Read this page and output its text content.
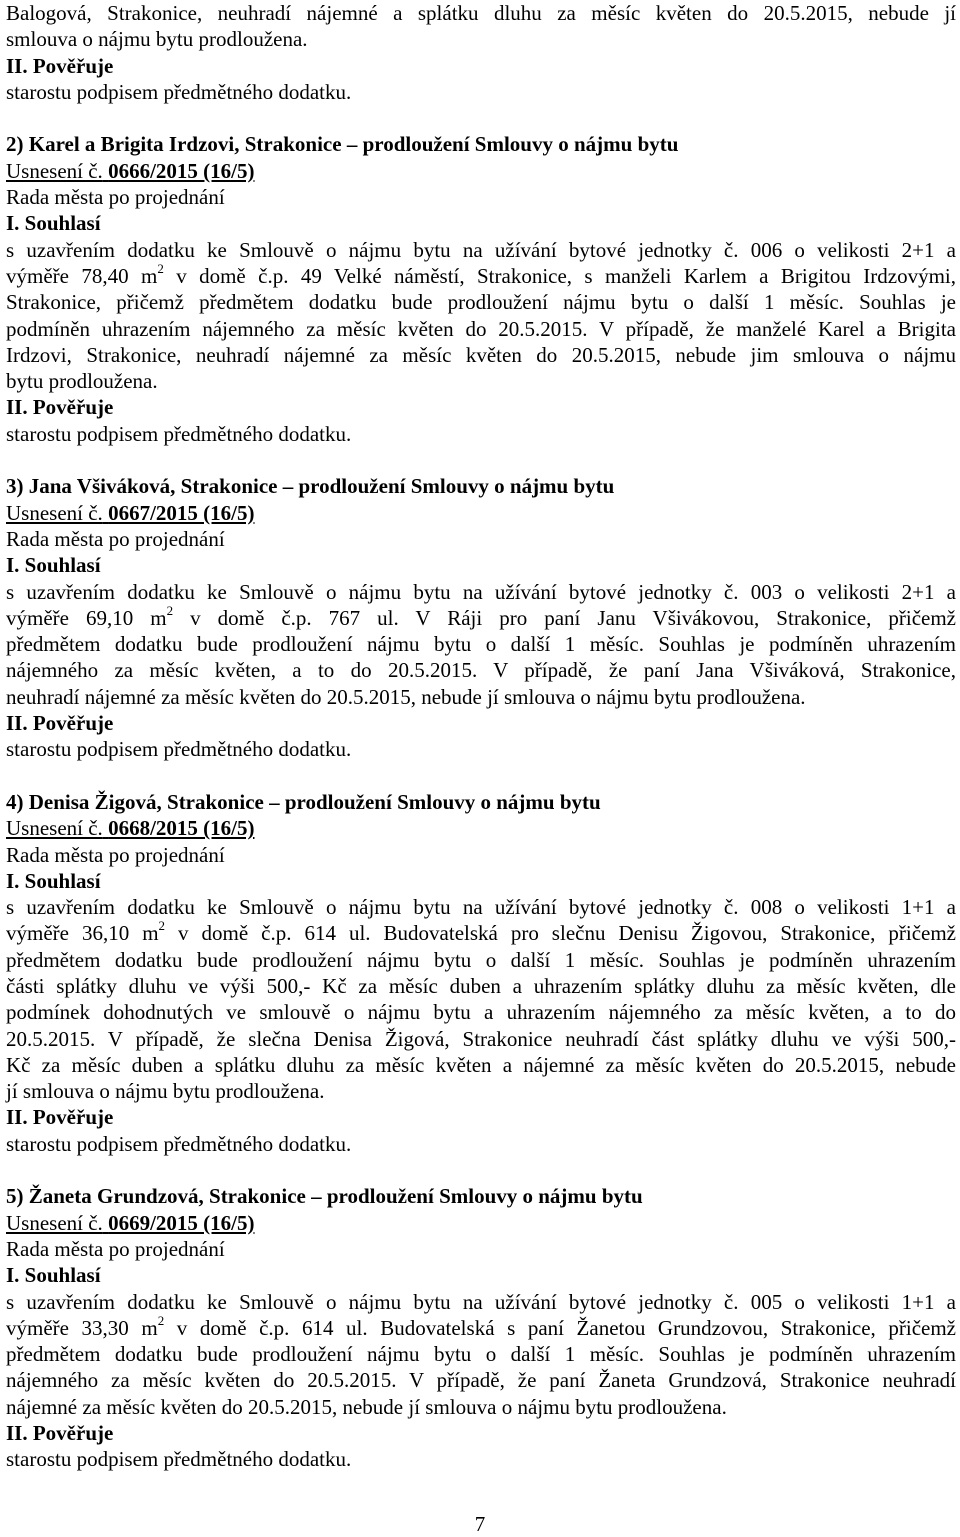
Balogová, Strakonice, neuhradí nájemné a splátku dluhu za měsíc květen do 20.5.2015, nebude jí
smlouva o nájmu bytu prodloužena.
II. Pověřuje
starostu podpisem předmětného dodatku.
2) Karel a Brigita Irdzovi, Strakonice – prodloužení Smlouvy o nájmu bytu
Usnesení č. 0666/2015 (16/5)
Rada města po projednání
I. Souhlasí
s uzavřením dodatku ke Smlouvě o nájmu bytu na užívání bytové jednotky č. 006 o velikosti 2+1 a
výměře 78,40 $m^2$ v domě č.p. 49 Velké náměstí, Strakonice, s manželi Karlem a Brigitou Irdzovými,
Strakonice, přičemž předmětem dodatku bude prodloužení nájmu bytu o další 1 měsíc. Souhlas je
podmíněn uhrazením nájemného za měsíc květen do 20.5.2015. V případě, že manželé Karel a Brigita
Irdzovi, Strakonice, neuhradí nájemné za měsíc květen do 20.5.2015, nebude jim smlouva o nájmu
bytu prodloužena.
II. Pověřuje
starostu podpisem předmětného dodatku.
3) Jana Všiváková, Strakonice – prodloužení Smlouvy o nájmu bytu
Usnesení č. 0667/2015 (16/5)
Rada města po projednání
I. Souhlasí
s uzavřením dodatku ke Smlouvě o nájmu bytu na užívání bytové jednotky č. 003 o velikosti 2+1 a
výměře 69,10 $m^2$ v domě č.p. 767 ul. V Ráji pro paní Janu Všivákovou, Strakonice, přičemž
předmětem dodatku bude prodloužení nájmu bytu o další 1 měsíc. Souhlas je podmíněn uhrazením
nájemného za měsíc květen, a to do 20.5.2015. V případě, že paní Jana Všiváková, Strakonice,
neuhradí nájemné za měsíc květen do 20.5.2015, nebude jí smlouva o nájmu bytu prodloužena.
II. Pověřuje
starostu podpisem předmětného dodatku.
4) Denisa Žigová, Strakonice – prodloužení Smlouvy o nájmu bytu
Usnesení č. 0668/2015 (16/5)
Rada města po projednání
I. Souhlasí
s uzavřením dodatku ke Smlouvě o nájmu bytu na užívání bytové jednotky č. 008 o velikosti 1+1 a
výměře 36,10 $m^2$ v domě č.p. 614 ul. Budovatelská pro slečnu Denisu Žigovou, Strakonice, přičemž
předmětem dodatku bude prodloužení nájmu bytu o další 1 měsíc. Souhlas je podmíněn uhrazením
části splátky dluhu ve výši 500,- Kč za měsíc duben a uhrazením splátky dluhu za měsíc květen, dle
podmínek dohodnutých ve smlouvě o nájmu bytu a uhrazením nájemného za měsíc květen, a to do
20.5.2015. V případě, že slečna Denisa Žigová, Strakonice neuhradí část splátky dluhu ve výši 500,-
Kč za měsíc duben a splátku dluhu za měsíc květen a nájemné za měsíc květen do 20.5.2015, nebude
jí smlouva o nájmu bytu prodloužena.
II. Pověřuje
starostu podpisem předmětného dodatku.
5) Žaneta Grundzová, Strakonice – prodloužení Smlouvy o nájmu bytu
Usnesení č. 0669/2015 (16/5)
Rada města po projednání
I. Souhlasí
s uzavřením dodatku ke Smlouvě o nájmu bytu na užívání bytové jednotky č. 005 o velikosti 1+1 a
výměře 33,30 $m^2$ v domě č.p. 614 ul. Budovatelská s paní Žanetou Grundzovou, Strakonice, přičemž
předmětem dodatku bude prodloužení nájmu bytu o další 1 měsíc. Souhlas je podmíněn uhrazením
nájemného za měsíc květen do 20.5.2015. V případě, že paní Žaneta Grundzová, Strakonice neuhradí
nájemné za měsíc květen do 20.5.2015, nebude jí smlouva o nájmu bytu prodloužena.
II. Pověřuje
starostu podpisem předmětného dodatku.
7
